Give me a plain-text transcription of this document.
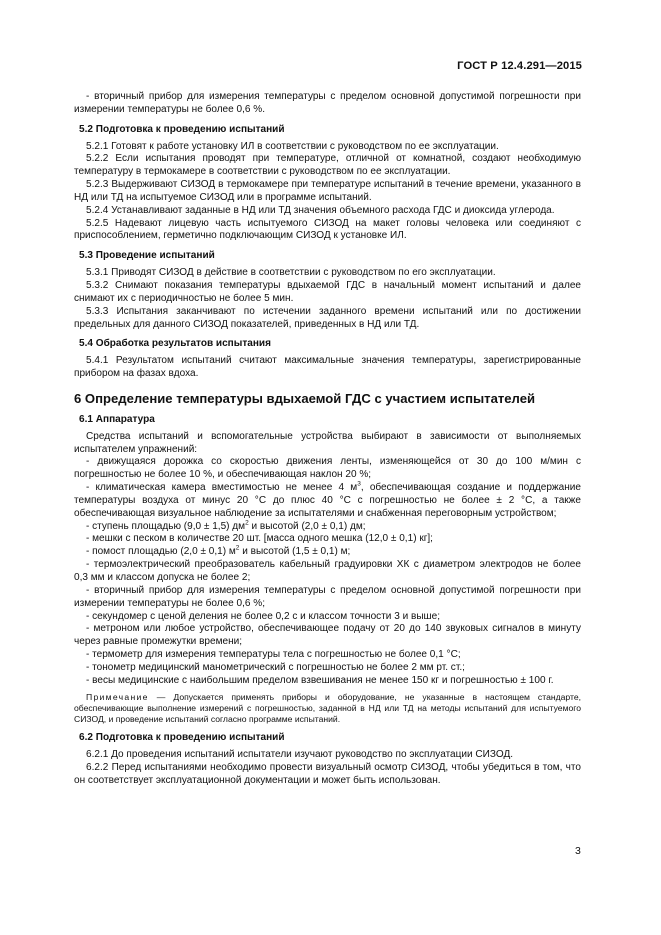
ГОСТ Р 12.4.291—2015

- вторичный прибор для измерения температуры с пределом основной допустимой погрешности при измерении температуры не более 0,6 %.

5.2 Подготовка к проведению испытаний

5.2.1 Готовят к работе установку ИЛ в соответствии с руководством по ее эксплуатации.

5.2.2 Если испытания проводят при температуре, отличной от комнатной, создают необходимую температуру в термокамере в соответствии с руководством по ее эксплуатации.

5.2.3 Выдерживают СИЗОД в термокамере при температуре испытаний в течение времени, указанного в НД или ТД на испытуемое СИЗОД или в программе испытаний.

5.2.4 Устанавливают заданные в НД или ТД значения объемного расхода ГДС и диоксида углерода.

5.2.5 Надевают лицевую часть испытуемого СИЗОД на макет головы человека или соединяют с приспособлением, герметично подключающим СИЗОД к установке ИЛ.

5.3 Проведение испытаний

5.3.1 Приводят СИЗОД в действие в соответствии с руководством по его эксплуатации.

5.3.2 Снимают показания температуры вдыхаемой ГДС в начальный момент испытаний и далее снимают их с периодичностью не более 5 мин.

5.3.3 Испытания заканчивают по истечении заданного времени испытаний или по достижении предельных для данного СИЗОД показателей, приведенных в НД или ТД.

5.4 Обработка результатов испытания

5.4.1 Результатом испытаний считают максимальные значения температуры, зарегистрированные прибором на фазах вдоха.

6 Определение температуры вдыхаемой ГДС с участием испытателей

6.1 Аппаратура

Средства испытаний и вспомогательные устройства выбирают в зависимости от выполняемых испытателем упражнений:

- движущаяся дорожка со скоростью движения ленты, изменяющейся от 30 до 100 м/мин с погрешностью не более 10 %, и обеспечивающая наклон 20 %;

- климатическая камера вместимостью не менее 4 $м^3$, обеспечивающая создание и поддержание температуры воздуха от минус 20 °С до плюс 40 °С с погрешностью не более ± 2 °С, а также обеспечивающая визуальное наблюдение за испытателями и снабженная переговорным устройством;

- ступень площадью (9,0 ± 1,5) $дм^2$ и высотой (2,0 ± 0,1) дм;

- мешки с песком в количестве 20 шт. [масса одного мешка (12,0 ± 0,1) кг];

- помост площадью (2,0 ± 0,1) $м^2$ и высотой (1,5 ± 0,1) м;

- термоэлектрический преобразователь кабельный градуировки ХК с диаметром электродов не более 0,3 мм и классом допуска не более 2;

- вторичный прибор для измерения температуры с пределом основной допустимой погрешности при измерении температуры не более 0,6 %;

- секундомер с ценой деления не более 0,2 с и классом точности 3 и выше;

- метроном или любое устройство, обеспечивающее подачу от 20 до 140 звуковых сигналов в минуту через равные промежутки времени;

- термометр для измерения температуры тела с погрешностью не более 0,1 °С;

- тонометр медицинский манометрический с погрешностью не более 2 мм рт. ст.;

- весы медицинские с наибольшим пределом взвешивания не менее 150 кг и погрешностью ± 100 г.

Примечание — Допускается применять приборы и оборудование, не указанные в настоящем стандарте, обеспечивающие выполнение измерений с погрешностью, заданной в НД или ТД на методы испытаний для испытуемого СИЗОД, и проведение испытаний согласно программе испытаний.

6.2 Подготовка к проведению испытаний

6.2.1 До проведения испытаний испытатели изучают руководство по эксплуатации СИЗОД.

6.2.2 Перед испытаниями необходимо провести визуальный осмотр СИЗОД, чтобы убедиться в том, что он соответствует эксплуатационной документации и может быть использован.

3
